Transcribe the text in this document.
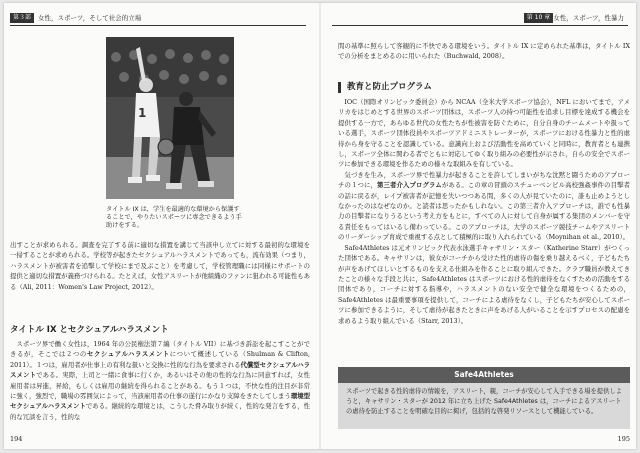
第３部 女性，スポーツ，そして社会的立場
1
タイトル IX は，学生を最適的な環境から保護することで，やりたいスポーツに専念できるよう手助けをする。

出すことが求められる。調査を完了する前に適切な措置を講じて当該申し立てに対する最初的な環境を一掃することが求められる。学校等が起きたセクシュアルハラスメントであっても，流布効果（つまり，ハラスメントが被害者を追撃して学校にまで及ぶこと）を考慮して，学校管理職には同様にサポートの提供と適切な措置が義務づけられる。たとえば，女性アスリートが他組織のファンに狙われる可能性もある（Ali, 2011：Women's Law Project, 2012）。

タイトル IX とセクシュアルハラスメント

スポーツ界で働く女性は，1964 年の公民権法第７編（タイトル VII）に基づき訴訟を起こすことができるが，そこでは２つのセクシュアルハラスメントについて概述している（Shulman & Clifton, 2011）。１つは，雇用者が仕事上の有利な扱いと交換に性的な行為を要求される代償型セクシュアルハラスメントである。実際，上司と一緒に食事に行くか，あるいはその他の性的な行為に同意すれば，女性雇用者は昇進，昇給，もしくは雇用の継続を得られることがある。もう１つは，不快な性的注目が非常に強く，強烈で，職場の雰囲気によって，当該雇用者の仕事の遂行にかなり支障をきたしてしまう環境型セクシュアルハラスメントである。継続的な環境とは，こうした脅み取りが続く，性的な発言をする，性的な冗談を言う，性的な

194
第 10 章 女性，スポーツ，性暴力

間の基準に照らして客観的に不快である環境をいう。タイトル IX に定められた基準は，タイトル IX での分析をまとめるのに用いられた（Buchwald, 2008）。

教育と防止プログラム

IOC（国際オリンピック委員会）から NCAA（全米大学スポーツ協会），NFL においてまで，アメリカをはじめとする世界のスポーツ団体は，スポーツ人の持つ可能性を追求し目標を達成する機会を提供する一方で，あらゆる世代の女性たちが性被害を防ぐために，自分自身のチームメートや扱っている選手，スポーツ団体役員やスポーツアドミニストレーターが，スポーツにおける性暴力と性的虐待から身を守ることを認識している。意識向上および活動性を高めていくと同時に，教育者とも連携し，スポーツ全体に関わる者でともに対応してゆく取り組みの必要性が示され，自らの安全でスポーツに参加できる環境を作るための様々な取組みを有している。

気づきを生み，スポーツ界で性暴力が起きることを許してしまいがちな沈黙と闘うためのアプローチの１つに，第三者介入プログラムがある。この章の冒頭のスチューベンビル高校強姦事件の目撃者の話に戻るが，レイプ被害者が記憶を失いつつある間，多くの人が見ていたのに，誰も止めようとしなかったのはなぜなのか。と読者は思ったかもしれない。この第三者介入アプローチは，誰でも性暴力の目撃者になりうるという考え方をもとに，すべての人に対して自身が属する集団のメンバーを守る責任をもってはいるし備わっている。このアプローチは，大学のスポーツ競技チームやアスリートのリーダーシップ育成で重視する点として積極的に取り入れられている（Moynihan et al., 2010）。

Safe4Athletes は元オリンピック代表水泳選手キャサリン・スター（Katherine Starr）がつくった団体である。キャサリンは，彼女がコーチから受けた性的虐待の傷を乗り越えるべく，子どもたちが声をあげてほしいとするものを支える仕組みを作ることに取り組んできた。クラブ職員が教えてきたことの様々な手段と共に，Safe4Athletes はスポーツにおける性的虐待をなくすための活動をする団体であり，コーチに対する指導や，ハラスメントのない安全で健全な環境をつくるための，Safe4Athletes は最重要事項を提供して，コーチによる虐待をなくし，子どもたちが安心してスポーツに参加できるように，そして虐待が起きたときに声をあげる人がいることを示すプロセスの配慮を求めるよう取り組んでいる（Starr, 2013）。

Safe4Athletes
スポーツで起きる性的虐待の情報を，アスリート，親，コーチが安心して入手できる場を提供しようと，キャサリン・スターが 2012 年に立ち上げた Safe4Athletes は，コーチによるアスリートの虐待を防止することを明確な目的に掲げ，包括的な啓発リソースとして機能している。
195
